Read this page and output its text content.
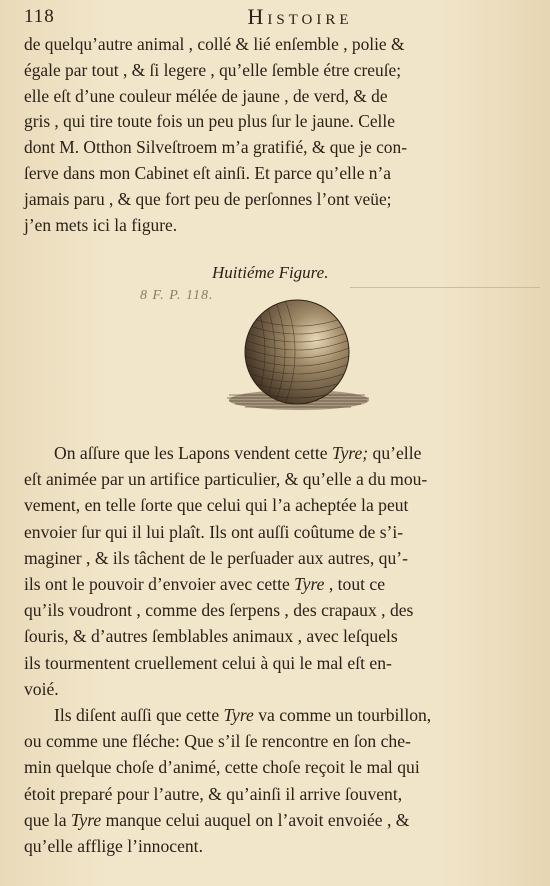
118	Histoire

de quelqu’autre animal , collé & lié enſemble , polie &
égale par tout , & ſi legere , qu’elle ſemble étre creuſe;
elle eſt d’une couleur mélée de jaune , de verd, & de
gris , qui tire toute fois un peu plus ſur le jaune. Celle
dont M. Otthon Silveſtroem m’a gratifié, & que je con-
ſerve dans mon Cabinet eſt ainſi. Et parce qu’elle n’a
jamais paru , & que fort peu de perſonnes l’ont veüe;
j’en mets ici la figure.

Huitiéme Figure.
8 F. P. 118.

On aſſure que les Lapons vendent cette Tyre; qu’elle
eſt animée par un artifice particulier, & qu’elle a du mou-
vement, en telle ſorte que celui qui l’a acheptée la peut
envoier ſur qui il lui plaît. Ils ont auſſi coûtume de s’i-
maginer , & ils tâchent de le perſuader aux autres, qu’-
ils ont le pouvoir d’envoier avec cette Tyre , tout ce
qu’ils voudront , comme des ſerpens , des crapaux , des
ſouris, & d’autres ſemblables animaux , avec leſquels
ils tourmentent cruellement celui à qui le mal eſt en-
voié.

Ils diſent auſſi que cette Tyre va comme un tourbillon,
ou comme une fléche: Que s’il ſe rencontre en ſon che-
min quelque choſe d’animé, cette choſe reçoit le mal qui
étoit preparé pour l’autre, & qu’ainſi il arrive ſouvent,
que la Tyre manque celui auquel on l’avoit envoiée , &
qu’elle afflige l’innocent.
